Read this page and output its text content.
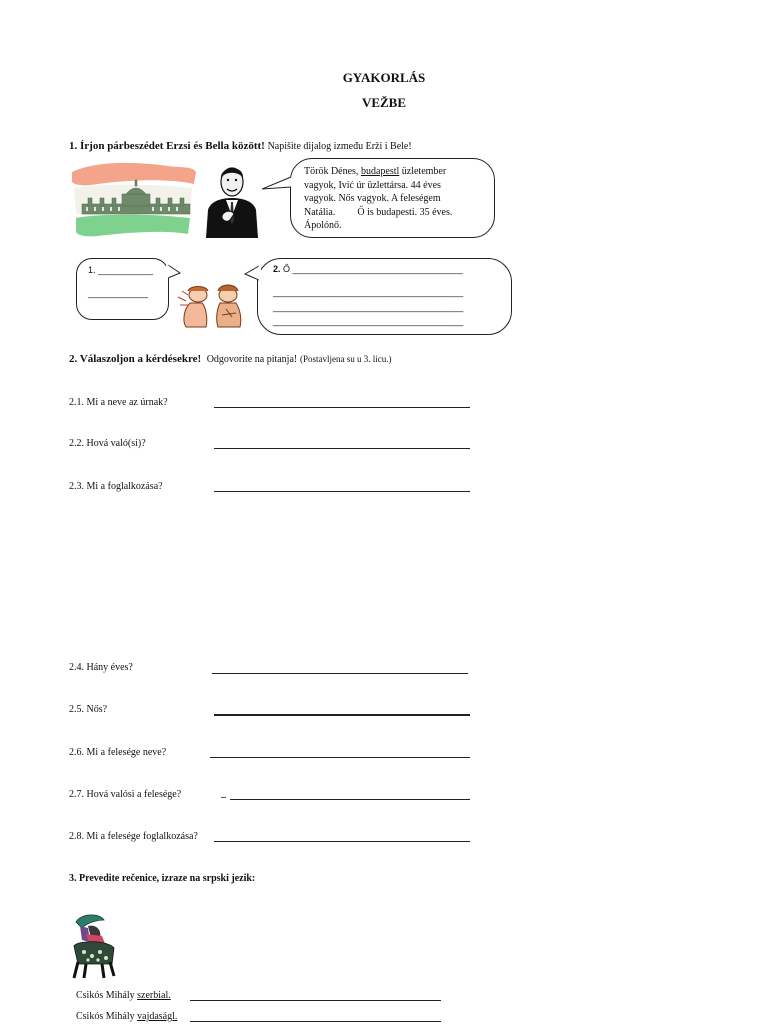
GYAKORLÁS
VEŽBE
1. Írjon párbeszédet Erzsi és Bella között! Napišite dijalog između Erži i Bele!
Török Dénes, budapestl üzletember
vagyok, Ivić úr üzlettársa. 44 éves
vagyok. Nős vagyok. A feleségem
Natália. Ő is budapesti. 35 éves.
Ápolónő.
1. ___________
____________
2. Ő __________________________________
______________________________________
______________________________________
______________________________________
2. Válaszoljon a kérdésekre! Odgovorite na pitanja! (Postavljena su u 3. licu.)
2.1. Mi a neve az úrnak?
2.2. Hová való(si)?
2.3. Mi a foglalkozása?
2.4. Hány éves?
2.5. Nős?
2.6. Mi a felesége neve?
2.7. Hová valósi a felesége?	_
2.8. Mi a felesége foglalkozása?
3. Prevedite rečenice, izraze na srpski jezik:
Csikós Mihály szerbial.
Csikós Mihály vajdaságl.
